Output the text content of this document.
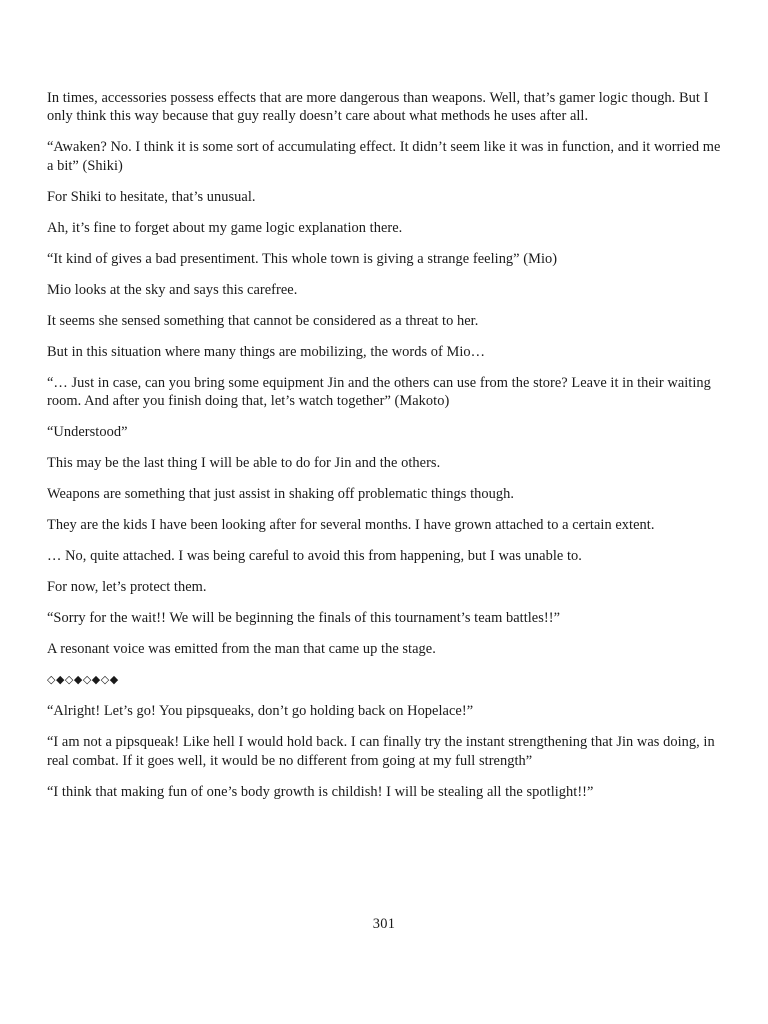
In times, accessories possess effects that are more dangerous than weapons. Well, that’s gamer logic though. But I only think this way because that guy really doesn’t care about what methods he uses after all.

“Awaken? No. I think it is some sort of accumulating effect. It didn’t seem like it was in function, and it worried me a bit” (Shiki)

For Shiki to hesitate, that’s unusual.

Ah, it’s fine to forget about my game logic explanation there.

“It kind of gives a bad presentiment. This whole town is giving a strange feeling” (Mio)

Mio looks at the sky and says this carefree.

It seems she sensed something that cannot be considered as a threat to her.

But in this situation where many things are mobilizing, the words of Mio…

“… Just in case, can you bring some equipment Jin and the others can use from the store? Leave it in their waiting room. And after you finish doing that, let’s watch together” (Makoto)

“Understood”

This may be the last thing I will be able to do for Jin and the others.

Weapons are something that just assist in shaking off problematic things though.

They are the kids I have been looking after for several months. I have grown attached to a certain extent.

… No, quite attached. I was being careful to avoid this from happening, but I was unable to.

For now, let’s protect them.

“Sorry for the wait!! We will be beginning the finals of this tournament’s team battles!!”

A resonant voice was emitted from the man that came up the stage.

◇◆◇◆◇◆◇◆

“Alright! Let’s go! You pipsqueaks, don’t go holding back on Hopelace!”

“I am not a pipsqueak! Like hell I would hold back. I can finally try the instant strengthening that Jin was doing, in real combat. If it goes well, it would be no different from going at my full strength”

“I think that making fun of one’s body growth is childish! I will be stealing all the spotlight!!”

301
